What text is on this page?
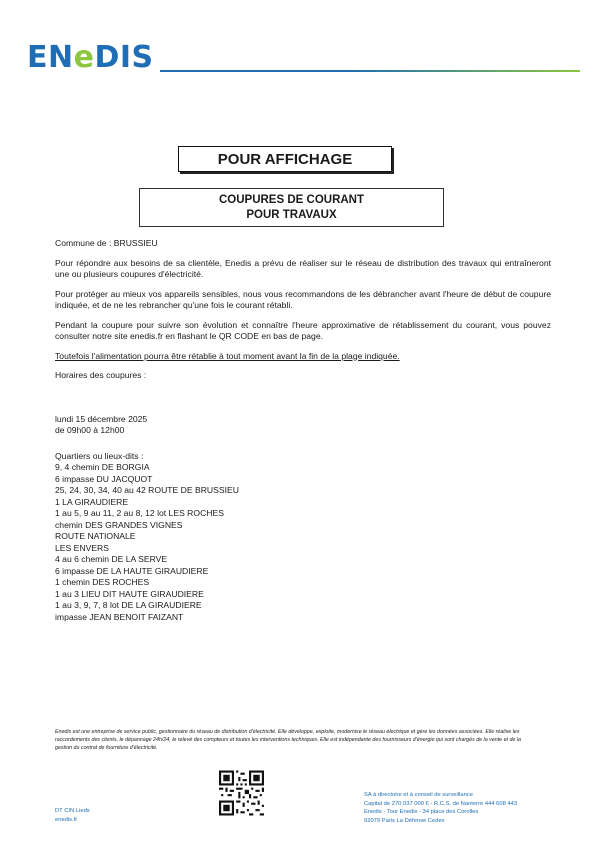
ENeDIS
POUR AFFICHAGE
COUPURES DE COURANT
POUR TRAVAUX

Commune de : BRUSSIEU

Pour répondre aux besoins de sa clientèle, Enedis a prévu de réaliser sur le réseau de distribution des travaux qui entraîneront une ou plusieurs coupures d'électricité.

Pour protéger au mieux vos appareils sensibles, nous vous recommandons de les débrancher avant l'heure de début de coupure indiquée, et de ne les rebrancher qu'une fois le courant rétabli.

Pendant la coupure pour suivre son évolution et connaître l'heure approximative de rétablissement du courant, vous pouvez consulter notre site enedis.fr en flashant le QR CODE en bas de page.

Toutefois l'alimentation pourra être rétablie à tout moment avant la fin de la plage indiquée.

Horaires des coupures :

lundi 15 décembre 2025

de 09h00 à 12h00

Quartiers ou lieux-dits :
9, 4 chemin DE BORGIA
6 impasse DU JACQUOT
25, 24, 30, 34, 40 au 42 ROUTE DE BRUSSIEU
1 LA GIRAUDIERE
1 au 5, 9 au 11, 2 au 8, 12 lot LES ROCHES
chemin DES GRANDES VIGNES
ROUTE NATIONALE
LES ENVERS
4 au 6 chemin DE LA SERVE
6 impasse DE LA HAUTE GIRAUDIERE
1 chemin DES ROCHES
1 au 3 LIEU DIT HAUTE GIRAUDIERE
1 au 3, 9, 7, 8 lot DE LA GIRAUDIERE
impasse JEAN BENOIT FAIZANT
Enedis est une entreprise de service public, gestionnaire du réseau de distribution d'électricité. Elle développe, exploite, modernise le réseau électrique et gère les données associées. Elle réalise les raccordements des clients, le dépannage 24h/24, le relevé des compteurs et toutes les interventions techniques. Elle est indépendante des fournisseurs d'énergie qui sont chargés de la vente et de la gestion du contrat de fourniture d'électricité.
SA à directoire et à conseil de surveillance
Capital de 270 037 000 € - R.C.S. de Nanterre 444 608 443
Enedis - Tour Enedis - 34 place des Corolles
92079 Paris La Défense Cedex
DT CIN Lieds
enedis.fr
